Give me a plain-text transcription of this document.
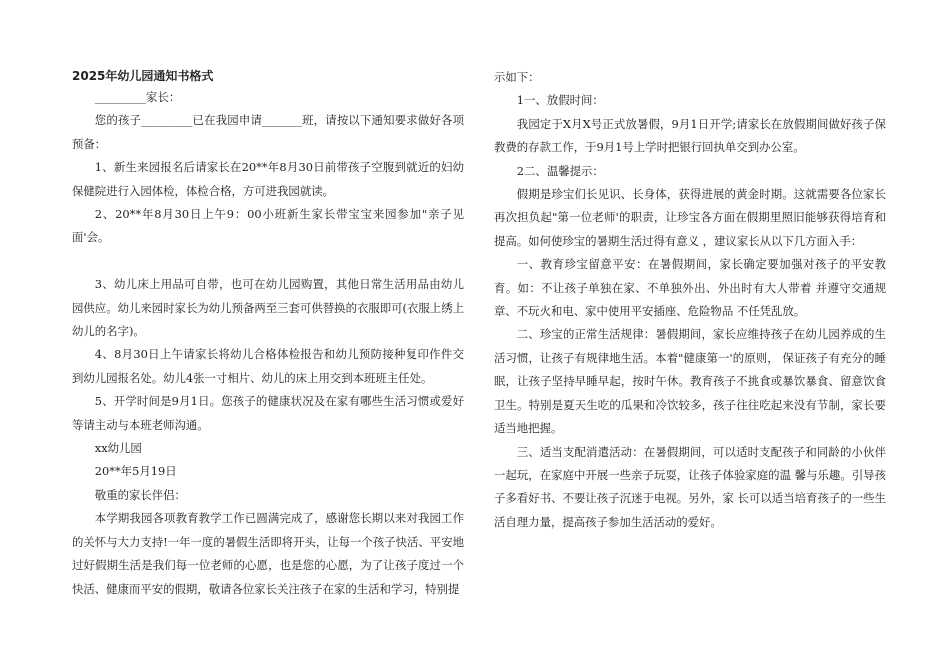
2025年幼儿园通知书格式

_________家长：

您的孩子_________已在我园申请_______班，请按以下通知要求做好各项预备：

1、新生来园报名后请家长在20**年8月30日前带孩子空腹到就近的妇幼保健院进行入园体检，体检合格，方可进我园就读。

2、20**年8月30日上午9：00小班新生家长带宝宝来园参加"亲子见面'会。

3、幼儿床上用品可自带，也可在幼儿园购置，其他日常生活用品由幼儿园供应。幼儿来园时家长为幼儿预备两至三套可供替换的衣服即可(衣服上绣上幼儿的名字)。

4、8月30日上午请家长将幼儿合格体检报告和幼儿预防接种复印作件交到幼儿园报名处。幼儿4张一寸相片、幼儿的床上用交到本班班主任处。

5、开学时间是9月1日。您孩子的健康状况及在家有哪些生活习惯或爱好等请主动与本班老师沟通。

xx幼儿园

20**年5月19日

敬重的家长伴侣：

本学期我园各项教育教学工作已圆满完成了，感谢您长期以来对我园工作的关怀与大力支持!一年一度的暑假生活即将开头，让每一个孩子快活、平安地过好假期生活是我们每一位老师的心愿，也是您的心愿，为了让孩子度过一个快活、健康而平安的假期，敬请各位家长关注孩子在家的生活和学习，特别提

示如下：

1一、放假时间：

我园定于X月X号正式放暑假，9月1日开学;请家长在放假期间做好孩子保教费的存款工作，于9月1号上学时把银行回执单交到办公室。

2二、温馨提示：

假期是珍宝们长见识、长身体，获得进展的黄金时期。这就需要各位家长再次担负起"第一位老师'的职责，让珍宝各方面在假期里照旧能够获得培育和提高。如何使珍宝的暑期生活过得有意义 ，建议家长从以下几方面入手：

一、教育珍宝留意平安：在暑假期间，家长确定要加强对孩子的平安教育。如：不让孩子单独在家、不单独外出、外出时有大人带着 并遵守交通规章、不玩火和电、家中使用平安插座、危险物品 不任凭乱放。

二、珍宝的正常生活规律：暑假期间，家长应维持孩子在幼儿园养成的生活习惯，让孩子有规律地生活。本着"健康第一'的原则， 保证孩子有充分的睡眠，让孩子坚持早睡早起，按时午休。教育孩子不挑食或暴饮暴食、留意饮食卫生。特别是夏天生吃的瓜果和冷饮较多，孩子往往吃起来没有节制，家长要适当地把握。

三、适当支配消遣活动：在暑假期间，可以适时支配孩子和同龄的小伙伴一起玩，在家庭中开展一些亲子玩耍，让孩子体验家庭的温 馨与乐趣。引导孩子多看好书、不要让孩子沉迷于电视。另外，家 长可以适当培育孩子的一些生活自理力量，提高孩子参加生活活动的爱好。
